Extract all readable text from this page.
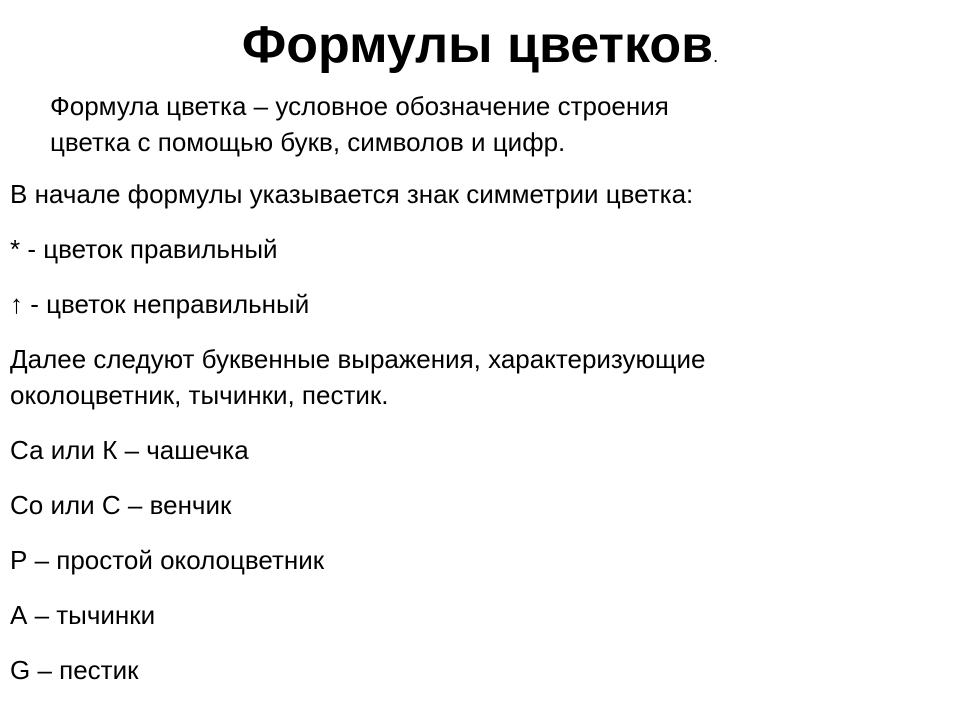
Формулы цветков.
Формула цветка – условное обозначение строения
цветка с помощью букв, символов и цифр.

В начале формулы указывается знак симметрии цветка:

* - цветок правильный

↑ - цветок неправильный

Далее следуют буквенные выражения, характеризующие

околоцветник, тычинки, пестик.

Са или К – чашечка

Со или С – венчик

Р – простой околоцветник

А – тычинки

G – пестик
